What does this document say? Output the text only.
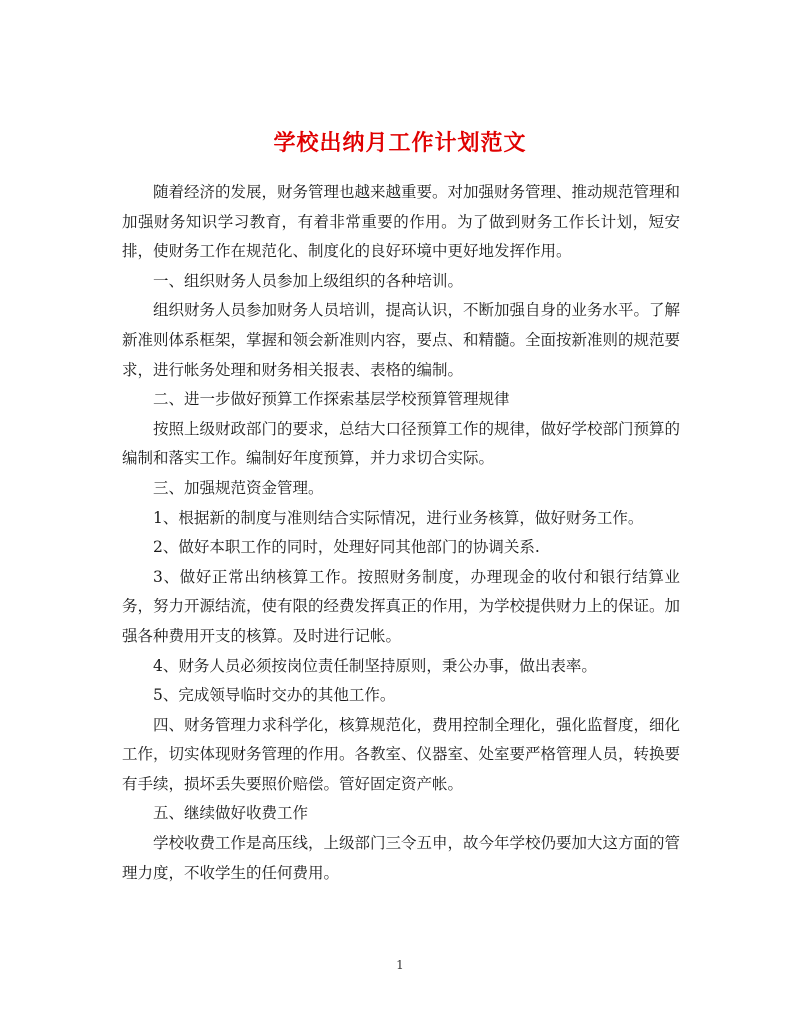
学校出纳月工作计划范文

随着经济的发展，财务管理也越来越重要。对加强财务管理、推动规范管理和加强财务知识学习教育，有着非常重要的作用。为了做到财务工作长计划，短安排，使财务工作在规范化、制度化的良好环境中更好地发挥作用。

一、组织财务人员参加上级组织的各种培训。

组织财务人员参加财务人员培训，提高认识，不断加强自身的业务水平。了解新准则体系框架，掌握和领会新准则内容，要点、和精髓。全面按新准则的规范要求，进行帐务处理和财务相关报表、表格的编制。

二、进一步做好预算工作探索基层学校预算管理规律

按照上级财政部门的要求，总结大口径预算工作的规律，做好学校部门预算的编制和落实工作。编制好年度预算，并力求切合实际。

三、加强规范资金管理。

1、根据新的制度与准则结合实际情况，进行业务核算，做好财务工作。

2、做好本职工作的同时，处理好同其他部门的协调关系.

3、做好正常出纳核算工作。按照财务制度，办理现金的收付和银行结算业务，努力开源结流，使有限的经费发挥真正的作用，为学校提供财力上的保证。加强各种费用开支的核算。及时进行记帐。

4、财务人员必须按岗位责任制坚持原则，秉公办事，做出表率。

5、完成领导临时交办的其他工作。

四、财务管理力求科学化，核算规范化，费用控制全理化，强化监督度，细化工作，切实体现财务管理的作用。各教室、仪器室、处室要严格管理人员，转换要有手续，损坏丢失要照价赔偿。管好固定资产帐。

五、继续做好收费工作

学校收费工作是高压线，上级部门三令五申，故今年学校仍要加大这方面的管理力度，不收学生的任何费用。

1
